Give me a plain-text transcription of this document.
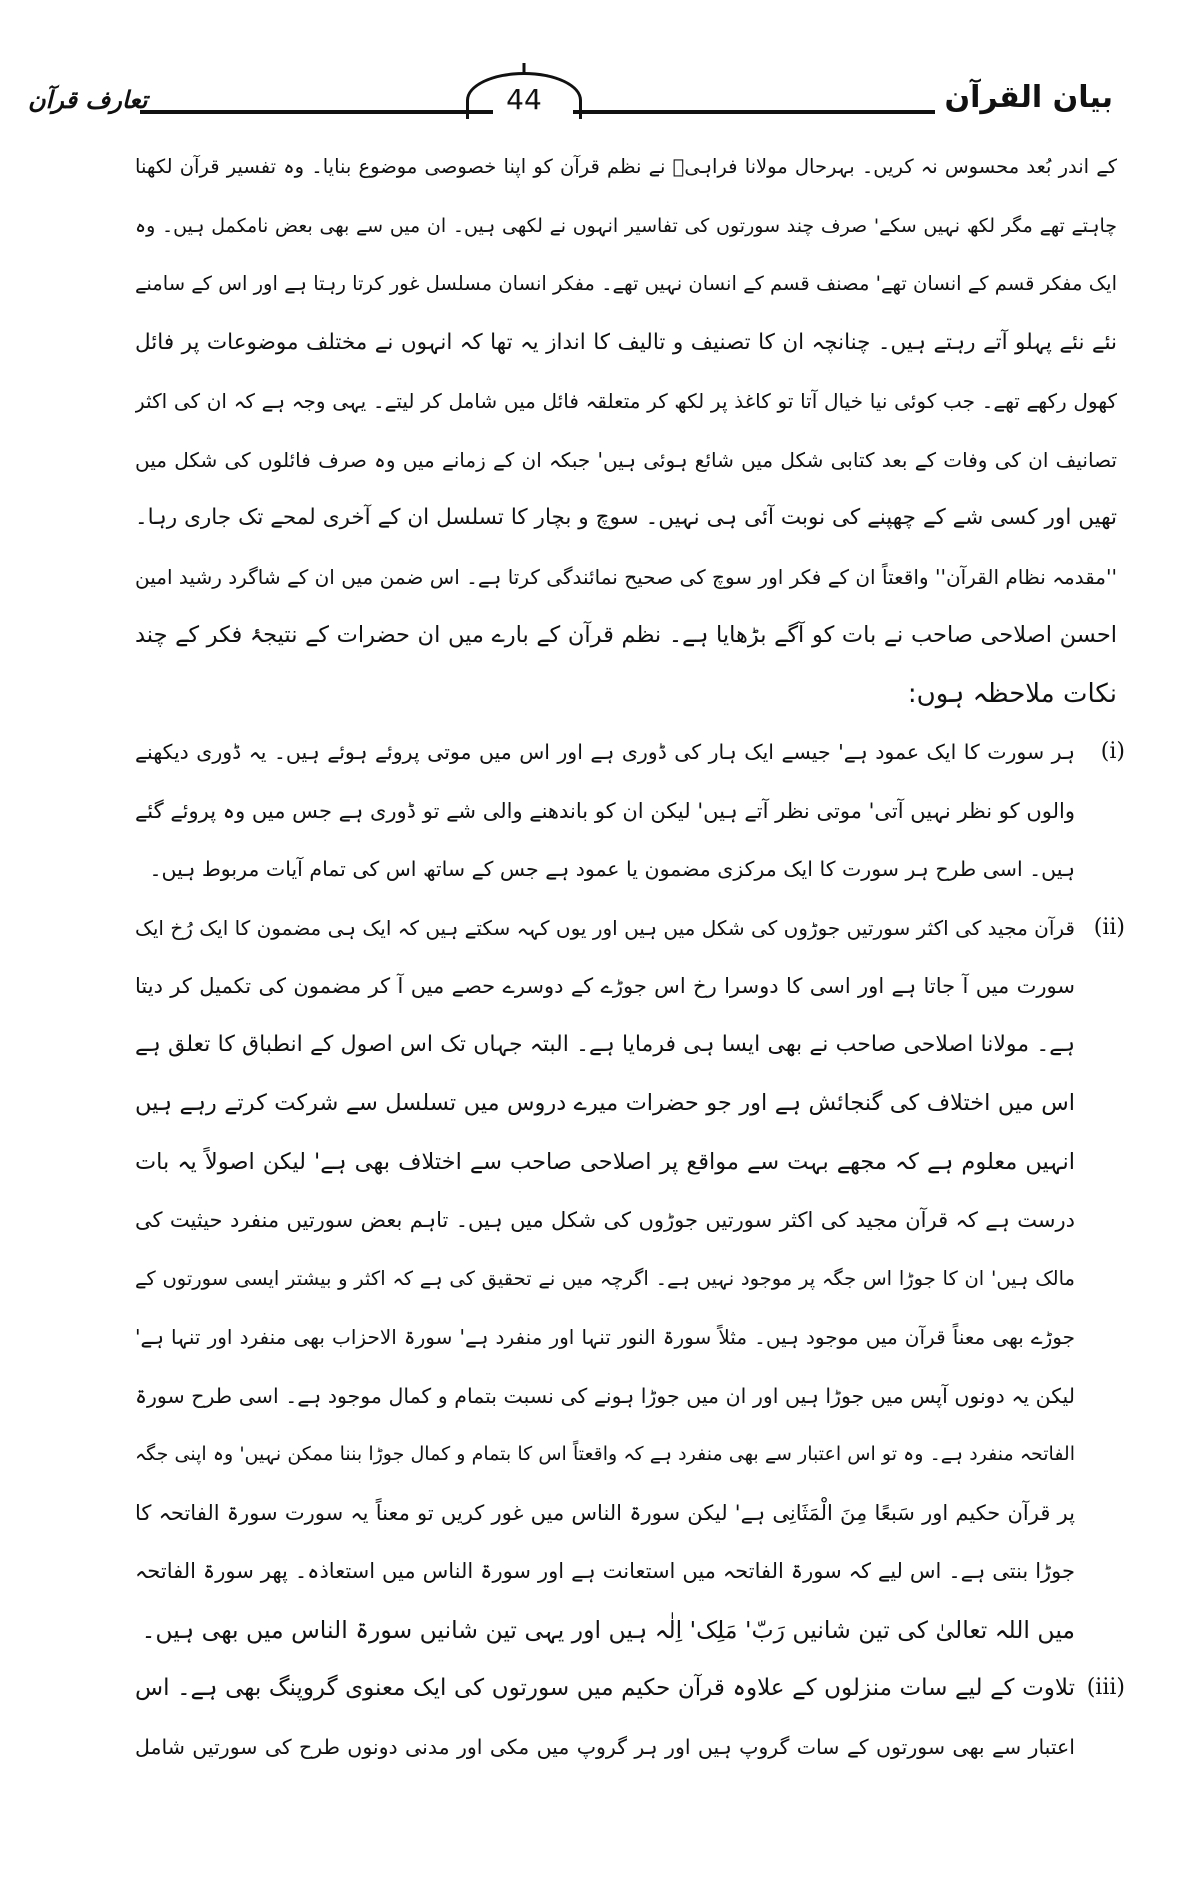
بیان القرآن
44
تعارف قرآن
کے اندر بُعد محسوس نہ کریں۔ بہرحال مولانا فراہیؒ نے نظم قرآن کو اپنا خصوصی موضوع بنایا۔ وہ تفسیر قرآن لکھنا
چاہتے تھے مگر لکھ نہیں سکے' صرف چند سورتوں کی تفاسیر انہوں نے لکھی ہیں۔ ان میں سے بھی بعض نامکمل ہیں۔ وہ
ایک مفکر قسم کے انسان تھے' مصنف قسم کے انسان نہیں تھے۔ مفکر انسان مسلسل غور کرتا رہتا ہے اور اس کے سامنے
نئے نئے پہلو آتے رہتے ہیں۔ چنانچہ ان کا تصنیف و تالیف کا انداز یہ تھا کہ انہوں نے مختلف موضوعات پر فائل
کھول رکھے تھے۔ جب کوئی نیا خیال آتا تو کاغذ پر لکھ کر متعلقہ فائل میں شامل کر لیتے۔ یہی وجہ ہے کہ ان کی اکثر
تصانیف ان کی وفات کے بعد کتابی شکل میں شائع ہوئی ہیں' جبکہ ان کے زمانے میں وہ صرف فائلوں کی شکل میں
تھیں اور کسی شے کے چھپنے کی نوبت آئی ہی نہیں۔ سوچ و بچار کا تسلسل ان کے آخری لمحے تک جاری رہا۔
''مقدمہ نظام القرآن'' واقعتاً ان کے فکر اور سوچ کی صحیح نمائندگی کرتا ہے۔ اس ضمن میں ان کے شاگرد رشید امین
احسن اصلاحی صاحب نے بات کو آگے بڑھایا ہے۔ نظم قرآن کے بارے میں ان حضرات کے نتیجۂ فکر کے چند
نکات ملاحظہ ہوں:
(i)
ہر سورت کا ایک عمود ہے' جیسے ایک ہار کی ڈوری ہے اور اس میں موتی پروئے ہوئے ہیں۔ یہ ڈوری دیکھنے
والوں کو نظر نہیں آتی' موتی نظر آتے ہیں' لیکن ان کو باندھنے والی شے تو ڈوری ہے جس میں وہ پروئے گئے
ہیں۔ اسی طرح ہر سورت کا ایک مرکزی مضمون یا عمود ہے جس کے ساتھ اس کی تمام آیات مربوط ہیں۔
(ii)
قرآن مجید کی اکثر سورتیں جوڑوں کی شکل میں ہیں اور یوں کہہ سکتے ہیں کہ ایک ہی مضمون کا ایک رُخ ایک
سورت میں آ جاتا ہے اور اسی کا دوسرا رخ اس جوڑے کے دوسرے حصے میں آ کر مضمون کی تکمیل کر دیتا
ہے۔ مولانا اصلاحی صاحب نے بھی ایسا ہی فرمایا ہے۔ البتہ جہاں تک اس اصول کے انطباق کا تعلق ہے
اس میں اختلاف کی گنجائش ہے اور جو حضرات میرے دروس میں تسلسل سے شرکت کرتے رہے ہیں
انہیں معلوم ہے کہ مجھے بہت سے مواقع پر اصلاحی صاحب سے اختلاف بھی ہے' لیکن اصولاً یہ بات
درست ہے کہ قرآن مجید کی اکثر سورتیں جوڑوں کی شکل میں ہیں۔ تاہم بعض سورتیں منفرد حیثیت کی
مالک ہیں' ان کا جوڑا اس جگہ پر موجود نہیں ہے۔ اگرچہ میں نے تحقیق کی ہے کہ اکثر و بیشتر ایسی سورتوں کے
جوڑے بھی معناً قرآن میں موجود ہیں۔ مثلاً سورۃ النور تنہا اور منفرد ہے' سورۃ الاحزاب بھی منفرد اور تنہا ہے'
لیکن یہ دونوں آپس میں جوڑا ہیں اور ان میں جوڑا ہونے کی نسبت بتمام و کمال موجود ہے۔ اسی طرح سورۃ
الفاتحہ منفرد ہے۔ وہ تو اس اعتبار سے بھی منفرد ہے کہ واقعتاً اس کا بتمام و کمال جوڑا بننا ممکن نہیں' وہ اپنی جگہ
پر قرآن حکیم اور سَبعًا مِنَ الْمَثَانِی ہے' لیکن سورۃ الناس میں غور کریں تو معناً یہ سورت سورۃ الفاتحہ کا
جوڑا بنتی ہے۔ اس لیے کہ سورۃ الفاتحہ میں استعانت ہے اور سورۃ الناس میں استعاذہ۔ پھر سورۃ الفاتحہ
میں اللہ تعالیٰ کی تین شانیں رَبّ' مَلِک' اِلٰہ ہیں اور یہی تین شانیں سورۃ الناس میں بھی ہیں۔
(iii)
تلاوت کے لیے سات منزلوں کے علاوہ قرآن حکیم میں سورتوں کی ایک معنوی گروپنگ بھی ہے۔ اس
اعتبار سے بھی سورتوں کے سات گروپ ہیں اور ہر گروپ میں مکی اور مدنی دونوں طرح کی سورتیں شامل
